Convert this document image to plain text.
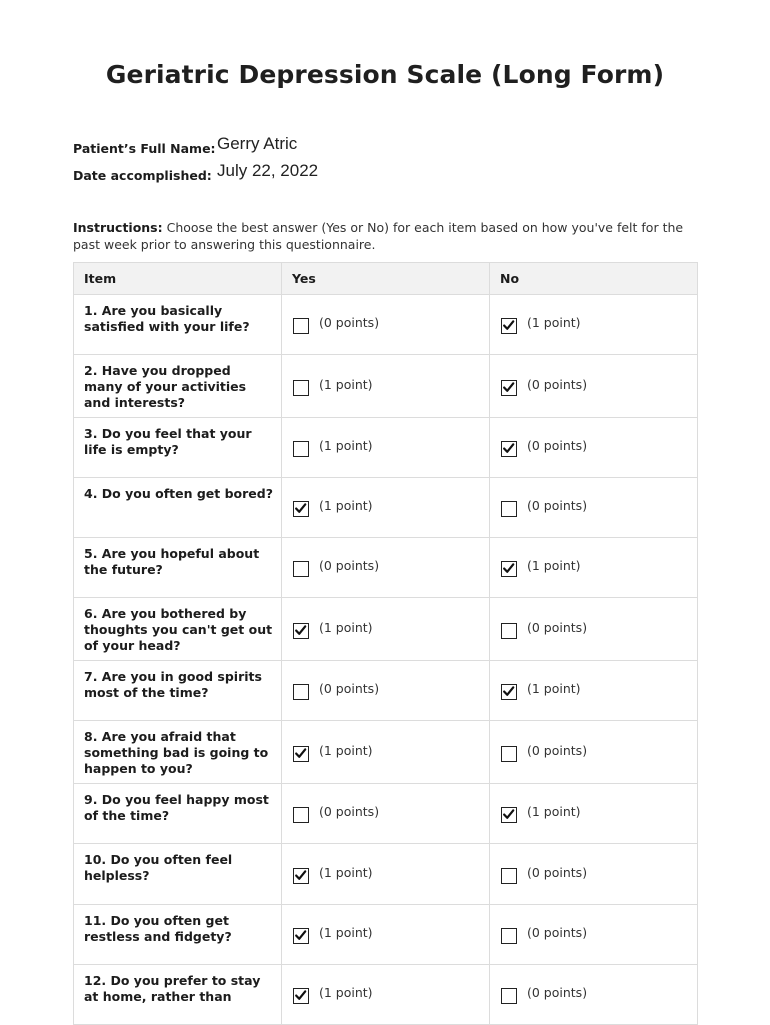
Geriatric Depression Scale (Long Form)
Patient’s Full Name: Gerry Atric
Date accomplished: July 22, 2022
Instructions: Choose the best answer (Yes or No) for each item based on how you've felt for the past week prior to answering this questionnaire.
Item	Yes	No
1. Are you basically satisfied with your life?	(0 points)	(1 point)

2. Have you dropped many of your activities and interests?	(1 point)	(0 points)

3. Do you feel that your life is empty?	(1 point)	(0 points)

4. Do you often get bored?	(1 point)	(0 points)

5. Are you hopeful about the future?	(0 points)	(1 point)

6. Are you bothered by thoughts you can't get out of your head?	(1 point)	(0 points)

7. Are you in good spirits most of the time?	(0 points)	(1 point)

8. Are you afraid that something bad is going to happen to you?	(1 point)	(0 points)

9. Do you feel happy most of the time?	(0 points)	(1 point)

10. Do you often feel helpless?	(1 point)	(0 points)

11. Do you often get restless and fidgety?	(1 point)	(0 points)

12. Do you prefer to stay at home, rather than	(1 point)	(0 points)
